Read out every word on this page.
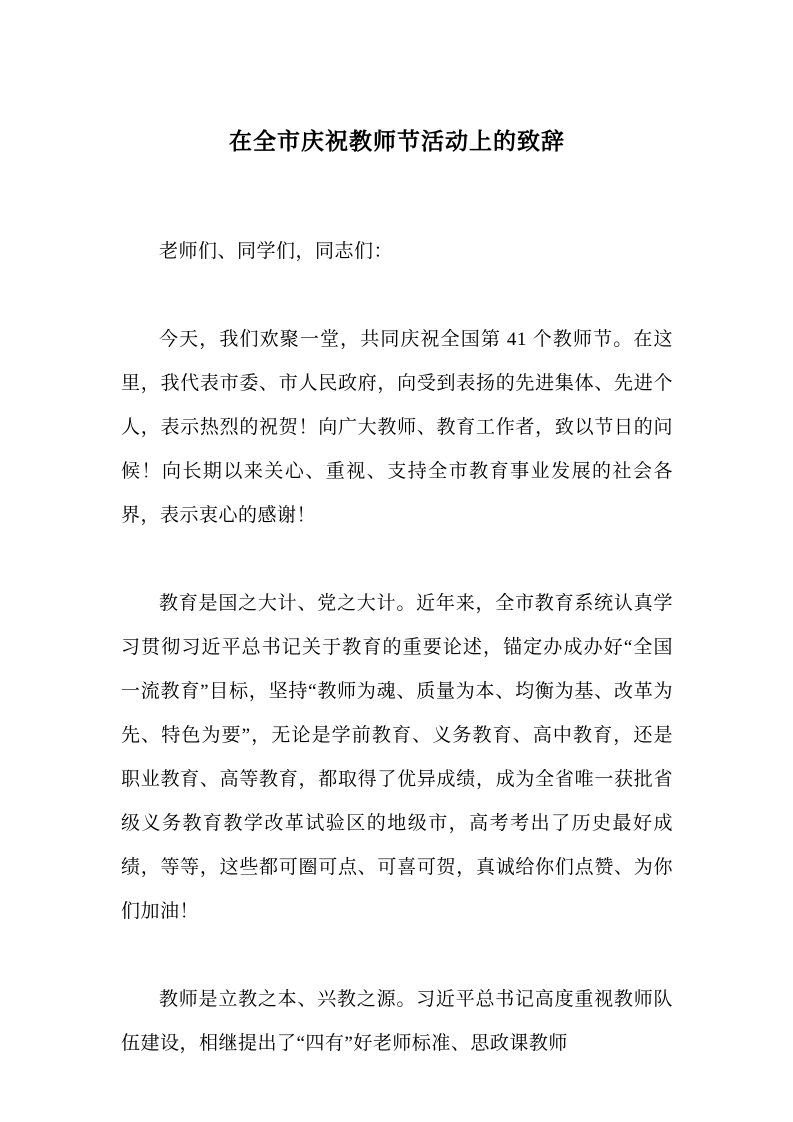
在全市庆祝教师节活动上的致辞

老师们、同学们，同志们：

今天，我们欢聚一堂，共同庆祝全国第 41 个教师节。在这里，我代表市委、市人民政府，向受到表扬的先进集体、先进个人，表示热烈的祝贺！向广大教师、教育工作者，致以节日的问候！向长期以来关心、重视、支持全市教育事业发展的社会各界，表示衷心的感谢！

教育是国之大计、党之大计。近年来，全市教育系统认真学习贯彻习近平总书记关于教育的重要论述，锚定办成办好“全国一流教育”目标，坚持“教师为魂、质量为本、均衡为基、改革为先、特色为要”，无论是学前教育、义务教育、高中教育，还是职业教育、高等教育，都取得了优异成绩，成为全省唯一获批省级义务教育教学改革试验区的地级市，高考考出了历史最好成绩，等等，这些都可圈可点、可喜可贺，真诚给你们点赞、为你们加油！

教师是立教之本、兴教之源。习近平总书记高度重视教师队伍建设，相继提出了“四有”好老师标准、思政课教师
